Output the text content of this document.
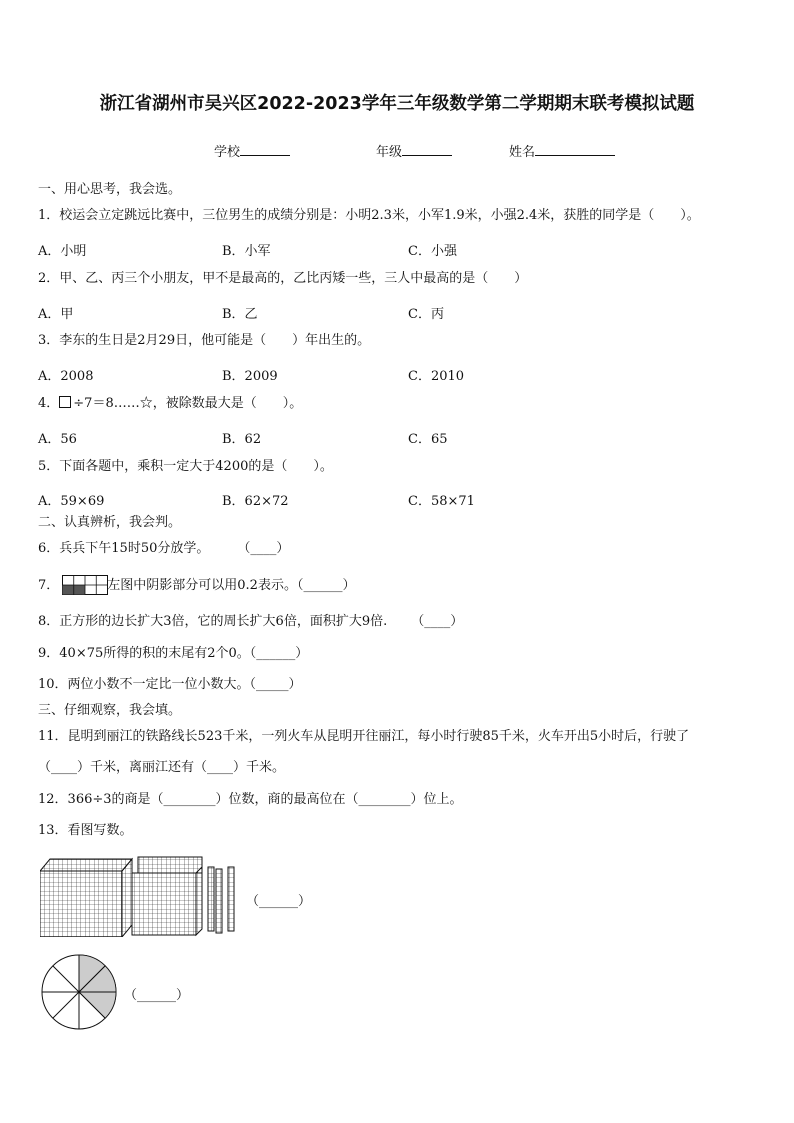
浙江省湖州市吴兴区2022-2023学年三年级数学第二学期期末联考模拟试题
学校	年级	姓名
一、用心思考，我会选。
1．校运会立定跳远比赛中，三位男生的成绩分别是：小明2.3米，小军1.9米，小强2.4米，获胜的同学是（　　）。
A．小明	B．小军	C．小强
2．甲、乙、丙三个小朋友，甲不是最高的，乙比丙矮一些，三人中最高的是（　　）
A．甲	B．乙	C．丙
3．李东的生日是2月29日，他可能是（　　）年出生的。
A．2008	B．2009	C．2010
4． ÷7＝8……☆，被除数最大是（　　）。
A．56	B．62	C．65
5．下面各题中，乘积一定大于4200的是（　　）。
A．59×69	B．62×72	C．58×71
二、认真辨析，我会判。
6．兵兵下午15时50分放学。 （____）
7．	左图中阴影部分可以用0.2表示。（______）
8．正方形的边长扩大3倍，它的周长扩大6倍，面积扩大9倍. （____）
9．40×75所得的积的末尾有2个0。（______）
10．两位小数不一定比一位小数大。（_____）
三、仔细观察，我会填。
11．昆明到丽江的铁路线长523千米，一列火车从昆明开往丽江，每小时行驶85千米，火车开出5小时后，行驶了
（____）千米，离丽江还有（____）千米。
12．366÷3的商是（________）位数，商的最高位在（________）位上。
13．看图写数。
（______）
（______）
